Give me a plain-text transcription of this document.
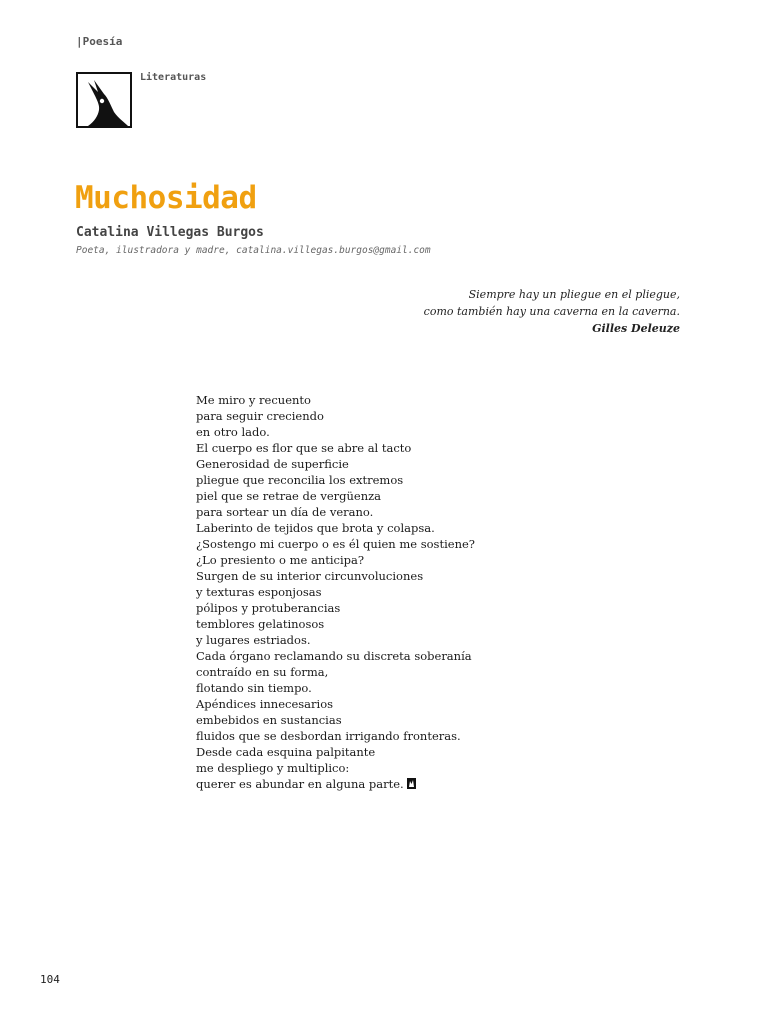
|Poesía
Literaturas
Muchosidad
Catalina Villegas Burgos
Poeta, ilustradora y madre, catalina.villegas.burgos@gmail.com
Siempre hay un pliegue en el pliegue,
como también hay una caverna en la caverna.
Gilles Deleuze
Me miro y recuento
para seguir creciendo
en otro lado.
El cuerpo es flor que se abre al tacto
Generosidad de superficie
pliegue que reconcilia los extremos
piel que se retrae de vergüenza
para sortear un día de verano.
Laberinto de tejidos que brota y colapsa.
¿Sostengo mi cuerpo o es él quien me sostiene?
¿Lo presiento o me anticipa?
Surgen de su interior circunvoluciones
y texturas esponjosas
pólipos y protuberancias
temblores gelatinosos
y lugares estriados.
Cada órgano reclamando su discreta soberanía
contraído en su forma,
flotando sin tiempo.
Apéndices innecesarios
embebidos en sustancias
fluidos que se desbordan irrigando fronteras.
Desde cada esquina palpitante
me despliego y multiplico:
querer es abundar en alguna parte.
104
